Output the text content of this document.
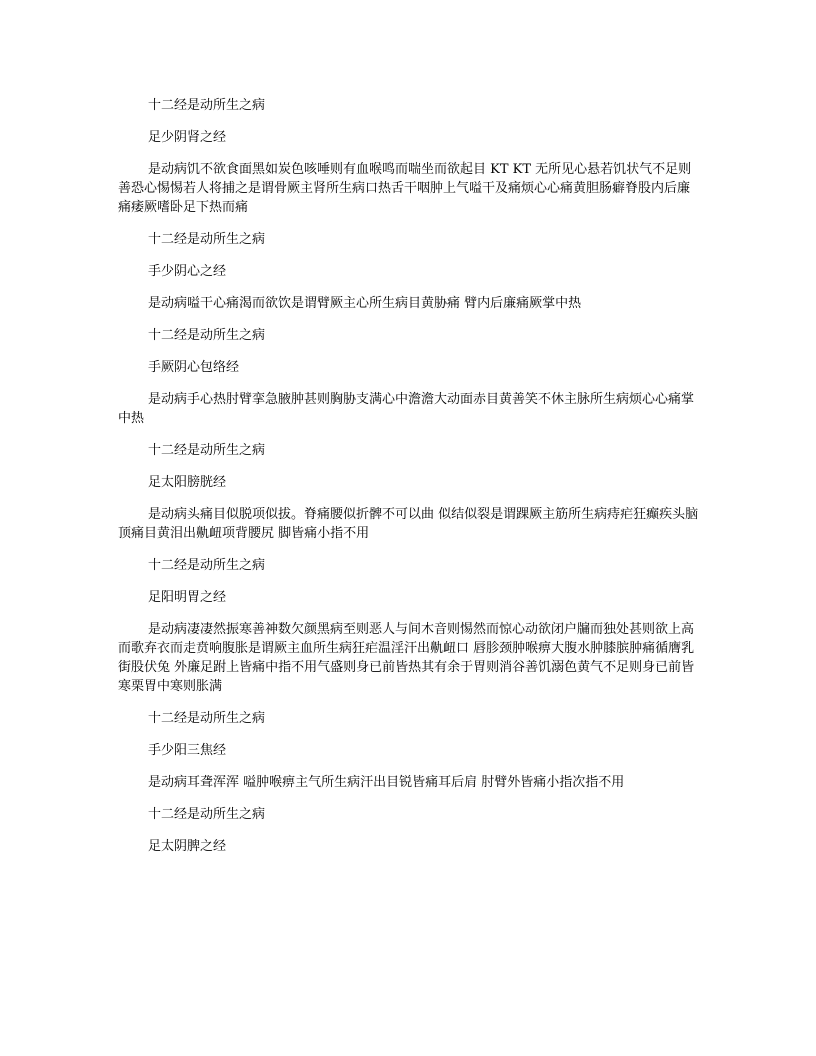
十二经是动所生之病

足少阴肾之经

是动病饥不欲食面黑如炭色咳唾则有血喉鸣而喘坐而欲起目 KT KT 无所见心悬若饥状气不足则善恐心惕惕若人将捕之是谓骨厥主肾所生病口热舌干咽肿上气嗌干及痛烦心心痛黄胆肠癖脊股内后廉痛痿厥嗜卧足下热而痛

十二经是动所生之病

手少阴心之经

是动病嗌干心痛渴而欲饮是谓臂厥主心所生病目黄胁痛 臂内后廉痛厥掌中热

十二经是动所生之病

手厥阴心包络经

是动病手心热肘臂挛急腋肿甚则胸胁支满心中澹澹大动面赤目黄善笑不休主脉所生病烦心心痛掌中热

十二经是动所生之病

足太阳膀胱经

是动病头痛目似脱项似拔。脊痛腰似折髀不可以曲 似结似裂是谓踝厥主筋所生病痔疟狂癫疾头脑顶痛目黄泪出鼽衄项背腰尻 脚皆痛小指不用

十二经是动所生之病

足阳明胃之经

是动病凄凄然振寒善神数欠颜黑病至则恶人与间木音则惕然而惊心动欲闭户牖而独处甚则欲上高而歌弃衣而走贲响腹胀是谓厥主血所生病狂疟温淫汗出鼽衄口 唇胗颈肿喉痹大腹水肿膝膑肿痛循膺乳街股伏兔 外廉足跗上皆痛中指不用气盛则身已前皆热其有余于胃则消谷善饥溺色黄气不足则身已前皆寒栗胃中寒则胀满

十二经是动所生之病

手少阳三焦经

是动病耳聋浑浑 嗌肿喉痹主气所生病汗出目锐皆痛耳后肩 肘臂外皆痛小指次指不用

十二经是动所生之病

足太阴脾之经
